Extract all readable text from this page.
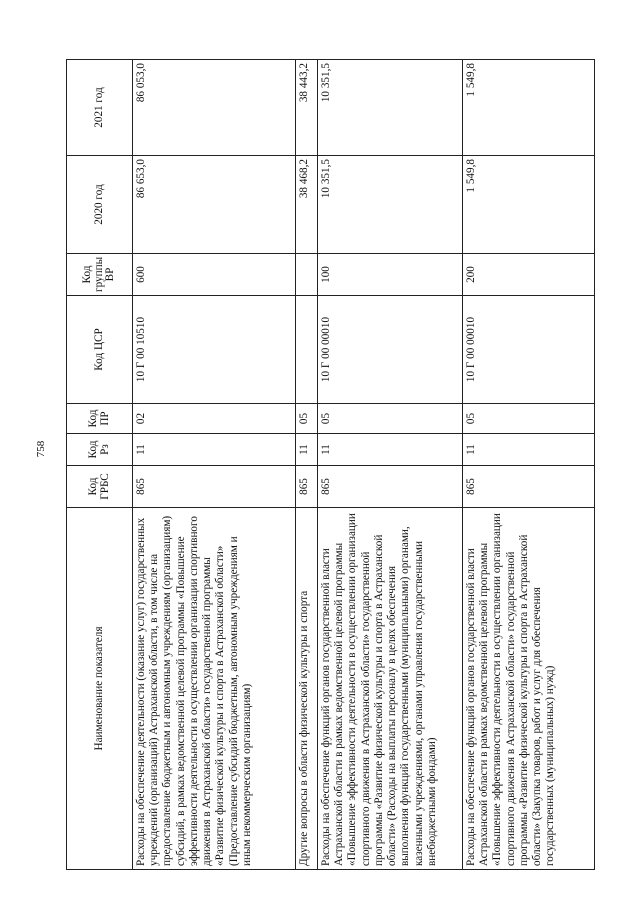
758
Наименование показателя	Код ГРБС	Код Рз	Код ПР	Код ЦСР	Код группы ВР	2020 год	2021 год
Расходы на обеспечение деятельности (оказание услуг) государственных учреждений (организаций) Астраханской области, в том числе на предоставление бюджетным и автономным учреждениям (организациям) субсидий, в рамках ведомственной целевой программы «Повышение эффективности деятельности в осуществлении организации спортивного движения в Астраханской области» государственной программы «Развитие физической культуры и спорта в Астраханской области» (Предоставление субсидий бюджетным, автономным учреждениям и иным некоммерческим организациям)	865	11	02	10 Г 00 10510	600	86 653,0	86 053,0
Другие вопросы в области физической культуры и спорта	865	11	05			38 468,2	38 443,2
Расходы на обеспечение функций органов государственной власти Астраханской области в рамках ведомственной целевой программы «Повышение эффективности деятельности в осуществлении организации спортивного движения в Астраханской области» государственной программы «Развитие физической культуры и спорта в Астраханской области» (Расходы на выплаты персоналу в целях обеспечения выполнения функций государственными (муниципальными) органами, казенными учреждениями, органами управления государственными внебюджетными фондами)	865	11	05	10 Г 00 00010	100	10 351,5	10 351,5
Расходы на обеспечение функций органов государственной власти Астраханской области в рамках ведомственной целевой программы «Повышение эффективности деятельности в осуществлении организации спортивного движения в Астраханской области» государственной программы «Развитие физической культуры и спорта в Астраханской области» (Закупка товаров, работ и услуг для обеспечения государственных (муниципальных) нужд)	865	11	05	10 Г 00 00010	200	1 549,8	1 549,8
